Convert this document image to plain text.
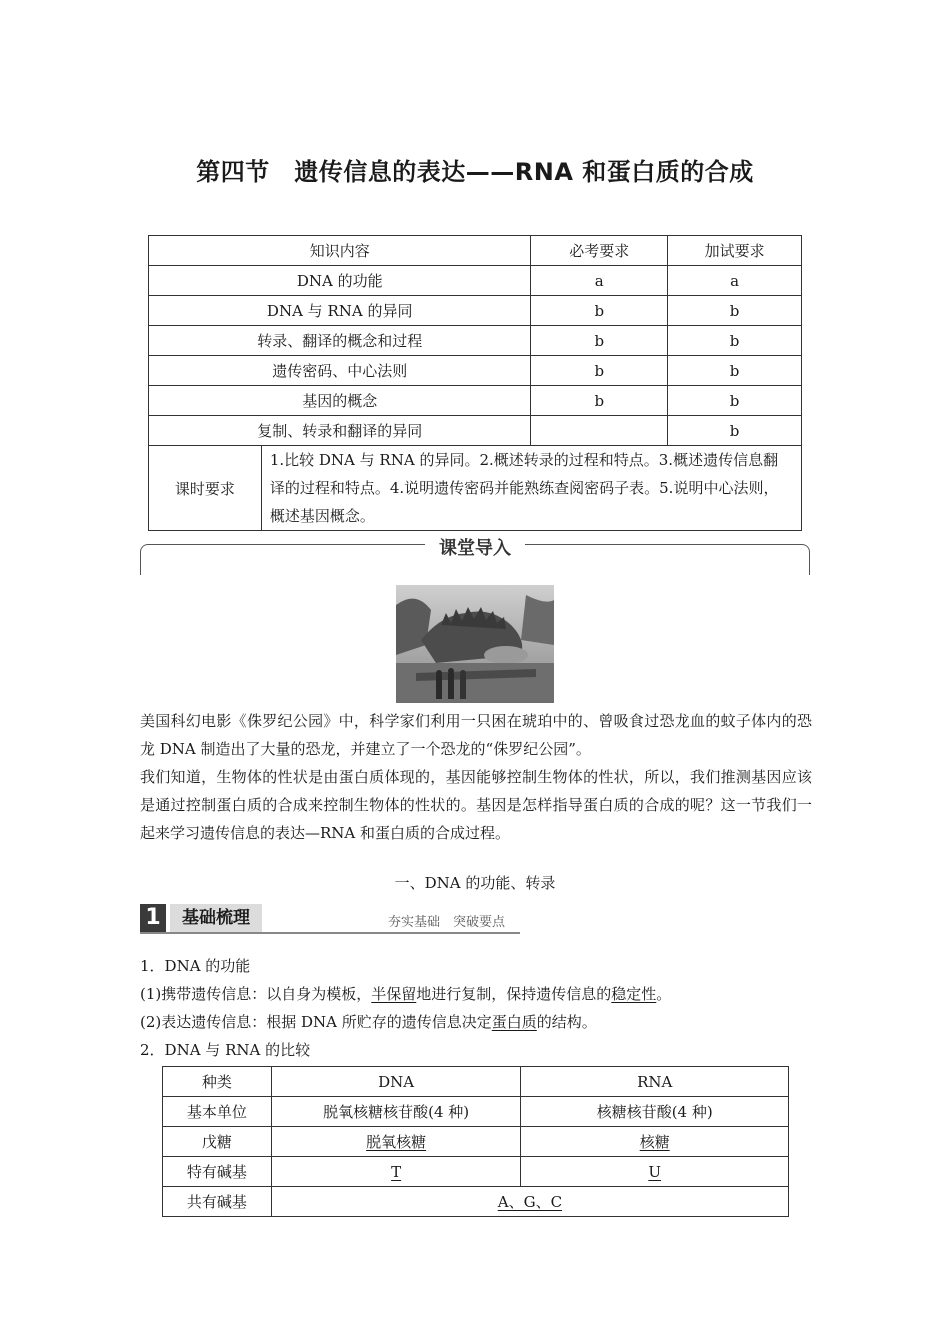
第四节　遗传信息的表达——RNA 和蛋白质的合成
知识内容		必考要求	加试要求
DNA 的功能		a	a
DNA 与 RNA 的异同		b	b
转录、翻译的概念和过程		b	b
遗传密码、中心法则		b	b
基因的概念		b	b
复制、转录和翻译的异同			b
课时要求	1.比较 DNA 与 RNA 的异同。2.概述转录的过程和特点。3.概述遗传信息翻译的过程和特点。4.说明遗传密码并能熟练查阅密码子表。5.说明中心法则，概述基因概念。		
课堂导入
美国科幻电影《侏罗纪公园》中，科学家们利用一只困在琥珀中的、曾吸食过恐龙血的蚊子体内的恐龙 DNA 制造出了大量的恐龙，并建立了一个恐龙的“侏罗纪公园”。
我们知道，生物体的性状是由蛋白质体现的，基因能够控制生物体的性状，所以，我们推测基因应该是通过控制蛋白质的合成来控制生物体的性状的。基因是怎样指导蛋白质的合成的呢？这一节我们一起来学习遗传信息的表达—RNA 和蛋白质的合成过程。
一、DNA 的功能、转录
1	基础梳理	夯实基础　突破要点
1．DNA 的功能
(1)携带遗传信息：以自身为模板，半保留地进行复制，保持遗传信息的稳定性。
(2)表达遗传信息：根据 DNA 所贮存的遗传信息决定蛋白质的结构。
2．DNA 与 RNA 的比较
种类	DNA	RNA
基本单位	脱氧核糖核苷酸(4 种)	核糖核苷酸(4 种)
戊糖	脱氧核糖	核糖
特有碱基	T	U
共有碱基	A、G、C	
